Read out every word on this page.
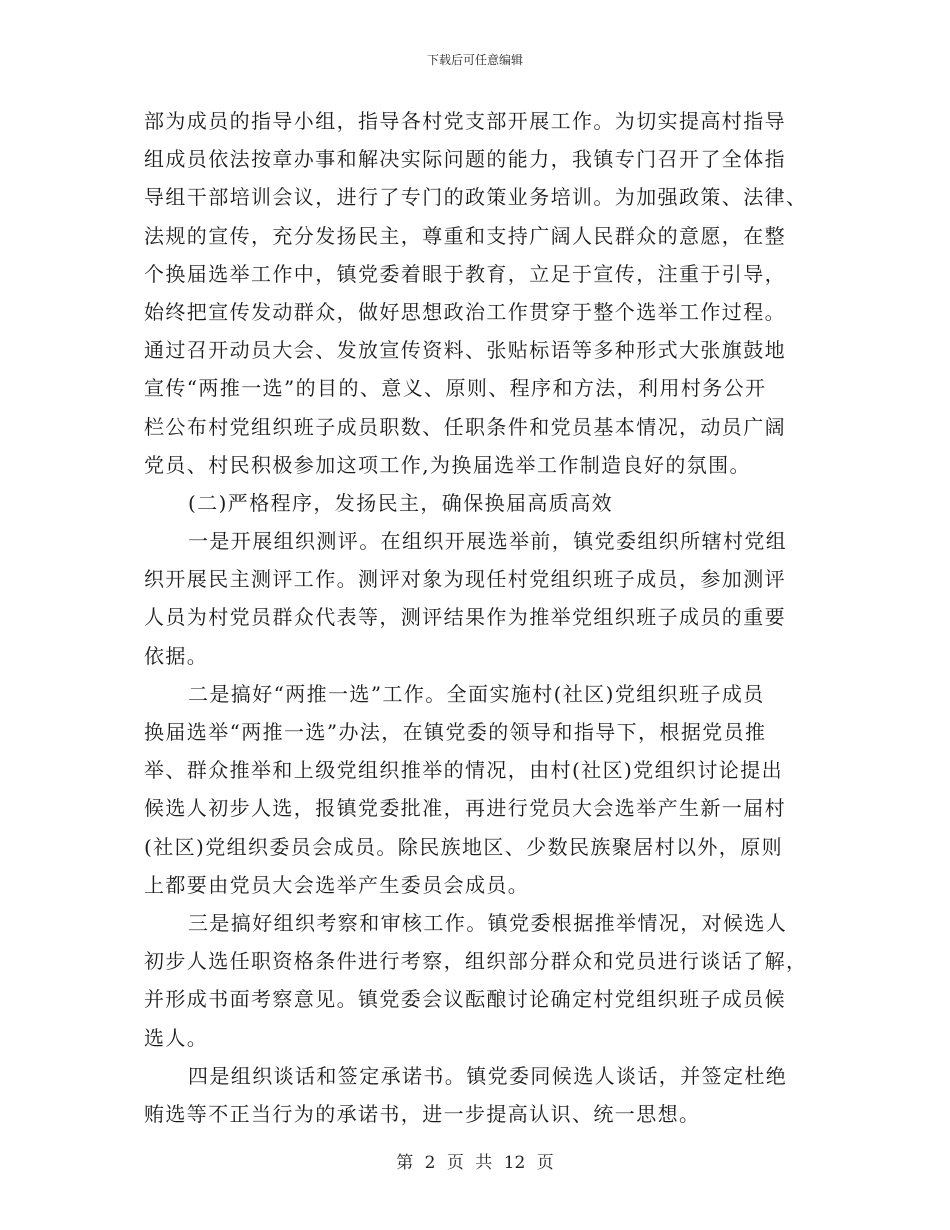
下载后可任意编辑
部为成员的指导小组，指导各村党支部开展工作。为切实提高村指导
组成员依法按章办事和解决实际问题的能力，我镇专门召开了全体指
导组干部培训会议，进行了专门的政策业务培训。为加强政策、法律、
法规的宣传，充分发扬民主，尊重和支持广阔人民群众的意愿，在整
个换届选举工作中，镇党委着眼于教育，立足于宣传，注重于引导，
始终把宣传发动群众，做好思想政治工作贯穿于整个选举工作过程。
通过召开动员大会、发放宣传资料、张贴标语等多种形式大张旗鼓地
宣传“两推一选”的目的、意义、原则、程序和方法，利用村务公开
栏公布村党组织班子成员职数、任职条件和党员基本情况，动员广阔
党员、村民积极参加这项工作,为换届选举工作制造良好的氛围。
(二)严格程序，发扬民主，确保换届高质高效
一是开展组织测评。在组织开展选举前，镇党委组织所辖村党组
织开展民主测评工作。测评对象为现任村党组织班子成员，参加测评
人员为村党员群众代表等，测评结果作为推举党组织班子成员的重要
依据。
二是搞好“两推一选”工作。全面实施村(社区)党组织班子成员
换届选举“两推一选”办法，在镇党委的领导和指导下，根据党员推
举、群众推举和上级党组织推举的情况，由村(社区)党组织讨论提出
候选人初步人选，报镇党委批准，再进行党员大会选举产生新一届村
(社区)党组织委员会成员。除民族地区、少数民族聚居村以外，原则
上都要由党员大会选举产生委员会成员。
三是搞好组织考察和审核工作。镇党委根据推举情况，对候选人
初步人选任职资格条件进行考察，组织部分群众和党员进行谈话了解，
并形成书面考察意见。镇党委会议酝酿讨论确定村党组织班子成员候
选人。
四是组织谈话和签定承诺书。镇党委同候选人谈话，并签定杜绝
贿选等不正当行为的承诺书，进一步提高认识、统一思想。
第 2 页 共 12 页
